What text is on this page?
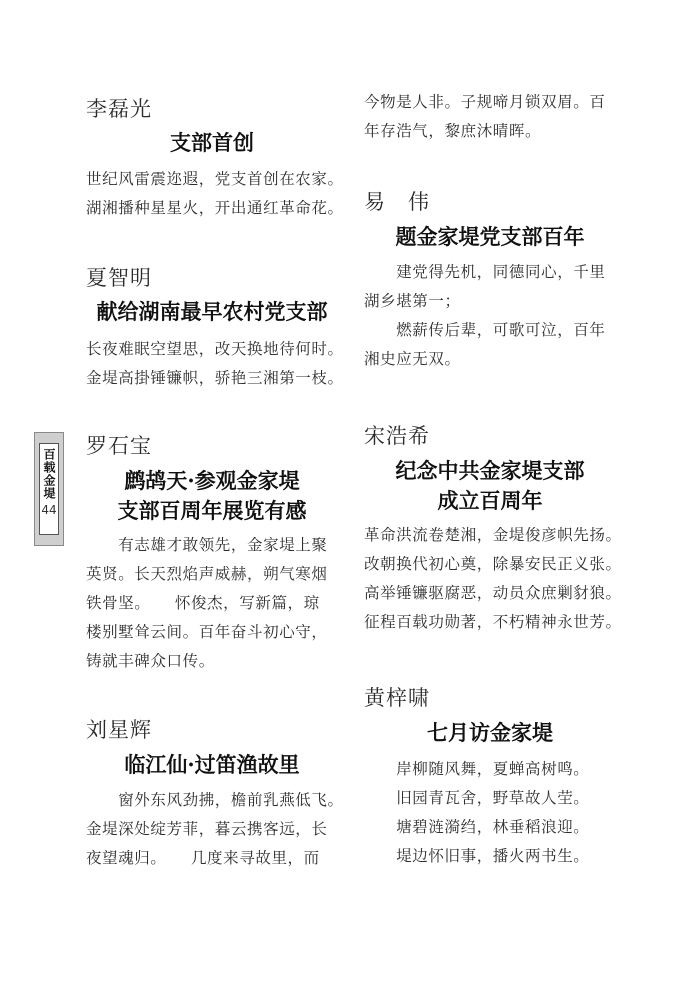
李磊光
支部首创
世纪风雷震迩遐，党支首创在农家。
湖湘播种星星火，开出通红革命花。
夏智明
献给湖南最早农村党支部
长夜难眠空望思，改天换地待何时。
金堤高掛锤镰帜，骄艳三湘第一枝。
罗石宝
鹧鸪天·参观金家堤
支部百周年展览有感
　　有志雄才敢领先，金家堤上聚
英贤。长天烈焰声威赫，朔气寒烟
铁骨坚。　　怀俊杰，写新篇，琼
楼别墅耸云间。百年奋斗初心守，
铸就丰碑众口传。
刘星辉
临江仙·过笛渔故里
　　窗外东风劲拂，檐前乳燕低飞。
金堤深处绽芳菲，暮云携客远，长
夜望魂归。　　几度来寻故里，而
今物是人非。子规啼月锁双眉。百
年存浩气，黎庶沐晴晖。
易　伟
题金家堤党支部百年
　　建党得先机，同德同心，千里
湖乡堪第一；
　　燃薪传后辈，可歌可泣，百年
湘史应无双。
宋浩希
纪念中共金家堤支部
成立百周年
革命洪流卷楚湘，金堤俊彦帜先扬。
改朝换代初心奠，除暴安民正义张。
高举锤镰驱腐恶，动员众庶剿豺狼。
征程百载功勋著，不朽精神永世芳。
黄梓啸
七月访金家堤
　　岸柳随风舞，夏蝉高树鸣。
　　旧园青瓦舍，野草故人茔。
　　塘碧涟漪绉，林垂稻浪迎。
　　堤边怀旧事，播火两书生。
百载金堤
44
